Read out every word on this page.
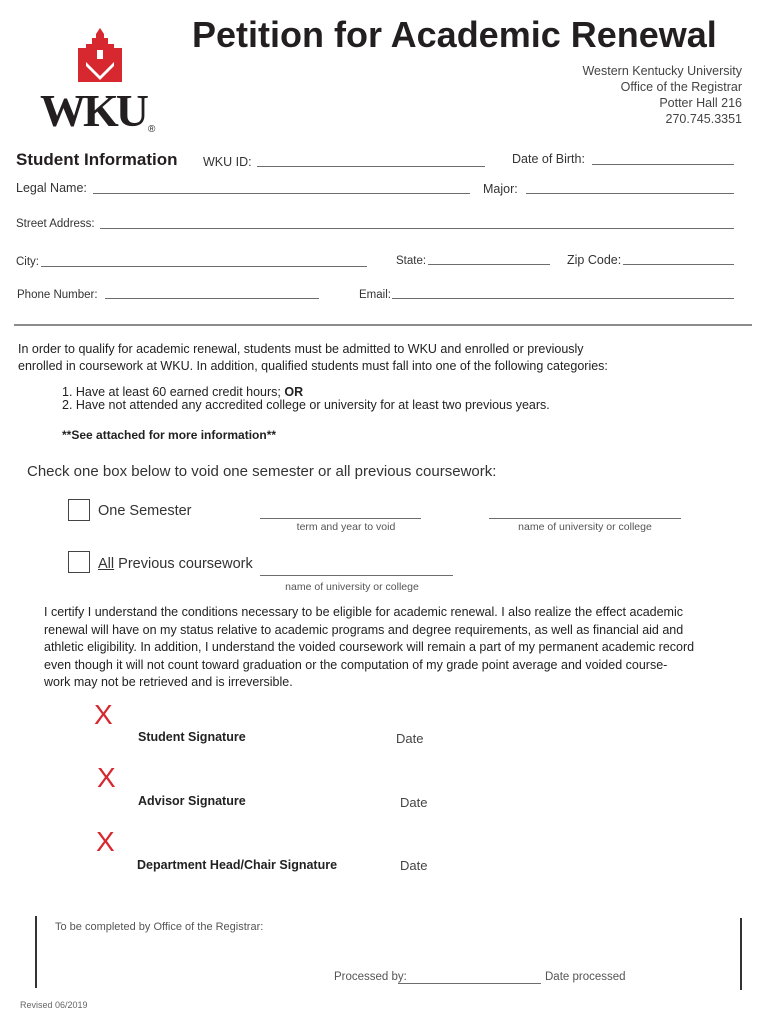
WKU ®
Petition for Academic Renewal
Western Kentucky University
Office of the Registrar
Potter Hall 216
270.745.3351
Student Information WKU ID:	Date of Birth:
Legal Name:	Major:
Street Address:
City:	State:	Zip Code:
Phone Number:	Email:
In order to qualify for academic renewal, students must be admitted to WKU and enrolled or previously
enrolled in coursework at WKU. In addition, qualified students must fall into one of the following categories:
1. Have at least 60 earned credit hours; OR
2. Have not attended any accredited college or university for at least two previous years.
**See attached for more information**
Check one box below to void one semester or all previous coursework:
One Semester
term and year to void	name of university or college
All Previous coursework
name of university or college
I certify I understand the conditions necessary to be eligible for academic renewal. I also realize the effect academic
renewal will have on my status relative to academic programs and degree requirements, as well as financial aid and
athletic eligibility. In addition, I understand the voided coursework will remain a part of my permanent academic record
even though it will not count toward graduation or the computation of my grade point average and voided course-
work may not be retrieved and is irreversible.
X
Student Signature	Date
X
Advisor Signature	Date
X
Department Head/Chair Signature	Date
To be completed by Office of the Registrar:
Processed by:	Date processed
Revised 06/2019
